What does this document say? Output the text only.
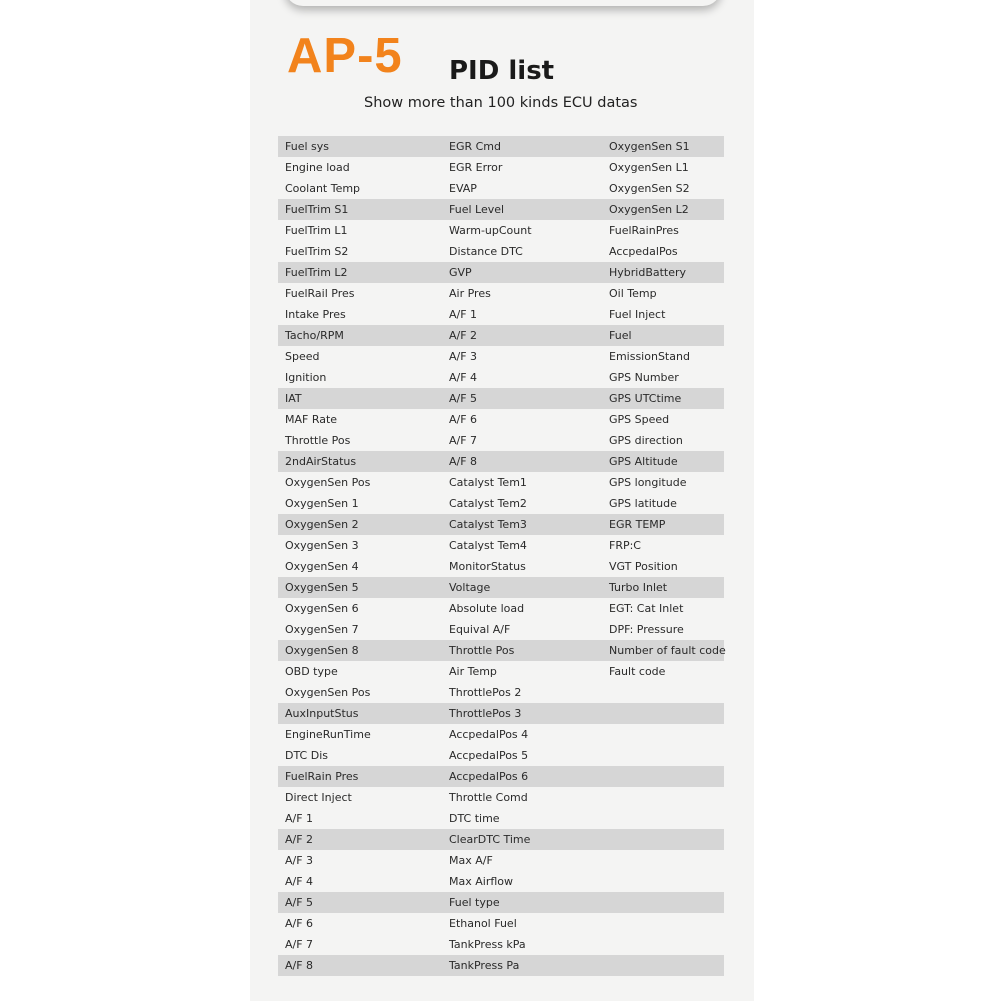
AP-5 PID list
Show more than 100 kinds ECU datas
Fuel sys	EGR Cmd	OxygenSen S1
Engine load	EGR Error	OxygenSen L1
Coolant Temp	EVAP	OxygenSen S2
FuelTrim S1	Fuel Level	OxygenSen L2
FuelTrim L1	Warm-upCount	FuelRainPres
FuelTrim S2	Distance DTC	AccpedalPos
FuelTrim L2	GVP	HybridBattery
FuelRail Pres	Air Pres	Oil Temp
Intake Pres	A/F 1	Fuel Inject
Tacho/RPM	A/F 2	Fuel
Speed	A/F 3	EmissionStand
Ignition	A/F 4	GPS Number
IAT	A/F 5	GPS UTCtime
MAF Rate	A/F 6	GPS Speed
Throttle Pos	A/F 7	GPS direction
2ndAirStatus	A/F 8	GPS Altitude
OxygenSen Pos	Catalyst Tem1	GPS longitude
OxygenSen 1	Catalyst Tem2	GPS latitude
OxygenSen 2	Catalyst Tem3	EGR TEMP
OxygenSen 3	Catalyst Tem4	FRP:C
OxygenSen 4	MonitorStatus	VGT Position
OxygenSen 5	Voltage	Turbo Inlet
OxygenSen 6	Absolute load	EGT: Cat Inlet
OxygenSen 7	Equival A/F	DPF: Pressure
OxygenSen 8	Throttle Pos	Number of fault code
OBD type	Air Temp	Fault code
OxygenSen Pos	ThrottlePos 2
AuxInputStus	ThrottlePos 3
EngineRunTime	AccpedalPos 4
DTC Dis	AccpedalPos 5
FuelRain Pres	AccpedalPos 6
Direct Inject	Throttle Comd
A/F 1	DTC time
A/F 2	ClearDTC Time
A/F 3	Max A/F
A/F 4	Max Airflow
A/F 5	Fuel type
A/F 6	Ethanol Fuel
A/F 7	TankPress kPa
A/F 8	TankPress Pa
